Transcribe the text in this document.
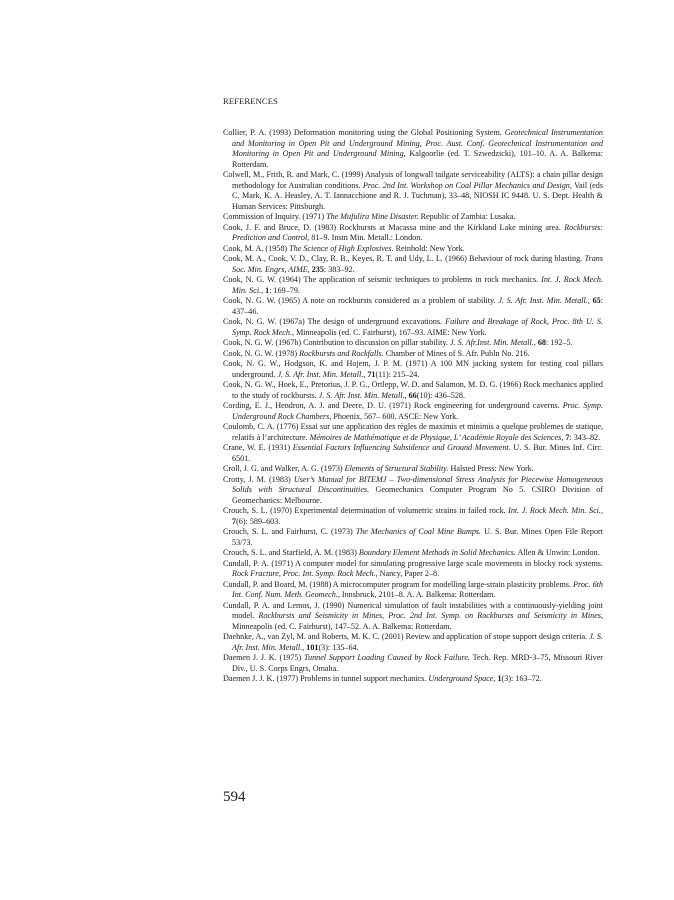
REFERENCES
Collier, P. A. (1993) Deformation monitoring using the Global Positioning System. Geotechnical Instrumentation and Monitoring in Open Pit and Underground Mining, Proc. Aust. Conf. Geotechnical Instrumentation and Monitoring in Open Pit and Underground Mining, Kalgoorlie (ed. T. Szwedzicki), 101–10. A. A. Balkema: Rotterdam.
Colwell, M., Frith, R. and Mark, C. (1999) Analysis of longwall tailgate serviceability (ALTS): a chain pillar design methodology for Australian conditions. Proc. 2nd Int. Workshop on Coal Pillar Mechanics and Design, Vail (eds C. Mark, K. A. Heasley, A. T. Iannacchione and R. J. Tuchman), 33–48, NIOSH IC 9448. U. S. Dept. Health & Human Services: Pittsburgh.
Commission of Inquiry. (1971) The Mufulira Mine Disaster. Republic of Zambia: Lusaka.
Cook, J. F. and Bruce, D. (1983) Rockbursts at Macassa mine and the Kirkland Lake mining area. Rockbursts: Prediction and Control, 81–9. Instn Min. Metall.: London.
Cook, M. A. (1958) The Science of High Explosives. Reinhold: New York.
Cook, M. A., Cook, V. D., Clay, R. B., Keyes, R. T. and Udy, L. L. (1966) Behaviour of rock during blasting. Trans Soc. Min. Engrs, AIME, 235: 383–92.
Cook, N. G. W. (1964) The application of seismic techniques to problems in rock mechanics. Int. J. Rock Mech. Min. Sci., 1: 169–79.
Cook, N. G. W. (1965) A note on rockbursts considered as a problem of stability. J. S. Afr. Inst. Min. Metall., 65: 437–46.
Cook, N. G. W. (1967a) The design of underground excavations. Failure and Breakage of Rock, Proc. 8th U. S. Symp. Rock Mech., Minneapolis (ed. C. Fairhurst), 167–93. AIME: New York.
Cook, N. G. W. (1967b) Contribution to discussion on pillar stability. J. S. Afr.Inst. Min. Metall., 68: 192–5.
Cook, N. G. W. (1978) Rockbursts and Rockfalls. Chamber of Mines of S. Afr. Publn No. 216.
Cook, N. G. W., Hodgson, K. and Hojem, J. P. M. (1971) A 100 MN jacking system for testing coal pillars underground. J. S. Afr. Inst. Min. Metall., 71(11): 215–24.
Cook, N. G. W., Hoek, E., Pretorius, J. P. G., Ortlepp, W. D. and Salamon, M. D. G. (1966) Rock mechanics applied to the study of rockbursts. J. S. Afr. Inst. Min. Metall., 66(10): 436–528.
Cording, E. J., Hendron, A. J. and Deere, D. U. (1971) Rock engineering for underground caverns. Proc. Symp. Underground Rock Chambers, Phoenix, 567– 600. ASCE: New York.
Coulomb, C. A. (1776) Essai sur une application des règles de maximis et minimis a quelque problemes de statique, relatifs à l’architecture. Mémoires de Mathématique et de Physique, L’ Académie Royale des Sciences, 7: 343–82.
Crane, W. E. (1931) Essential Factors Influencing Subsidence and Ground Movement. U. S. Bur. Mines Inf. Circ. 6501.
Croll, J. G. and Walker, A. G. (1973) Elements of Structural Stability. Halsted Press: New York.
Crotty, J. M. (1983) User’s Manual for BITEMJ – Two-dimensional Stress Analysis for Piecewise Homogeneous Solids with Structural Discontinuities. Geomechanics Computer Program No 5. CSIRO Division of Geomechanics: Melbourne.
Crouch, S. L. (1970) Experimental determination of volumetric strains in failed rock. Int. J. Rock Mech. Min. Sci., 7(6): 589–603.
Crouch, S. L. and Fairhurst, C. (1973) The Mechanics of Coal Mine Bumps. U. S. Bur. Mines Open File Report 53/73.
Crouch, S. L. and Starfield, A. M. (1983) Boundary Element Methods in Solid Mechanics. Allen & Unwin: London.
Cundall, P. A. (1971) A computer model for simulating progressive large scale movements in blocky rock systems. Rock Fracture, Proc. Int. Symp. Rock Mech., Nancy, Paper 2–8.
Cundall, P. and Board, M. (1988) A microcomputer program for modelling large-strain plasticity problems. Proc. 6th Int. Conf. Num. Meth. Geomech., Innsbruck, 2101–8. A. A. Balkema: Rotterdam.
Cundall, P. A. and Lemos, J. (1990) Numerical simulation of fault instabilities with a continuously-yielding joint model. Rockbursts and Seismicity in Mines, Proc. 2nd Int. Symp. on Rockbursts and Seismicity in Mines, Minneapolis (ed. C. Fairhurst), 147–52. A. A. Balkema: Rotterdam.
Daehnke, A., van Zyl, M. and Roberts, M. K. C. (2001) Review and application of stope support design criteria. J. S. Afr. Inst. Min. Metall., 101(3): 135–64.
Daemen J. J. K. (1975) Tunnel Support Loading Caused by Rock Failure. Tech. Rep. MRD-3–75, Missouri River Div., U. S. Corps Engrs, Omaha.
Daemen J. J. K. (1977) Problems in tunnel support mechanics. Underground Space, 1(3): 163–72.
594
